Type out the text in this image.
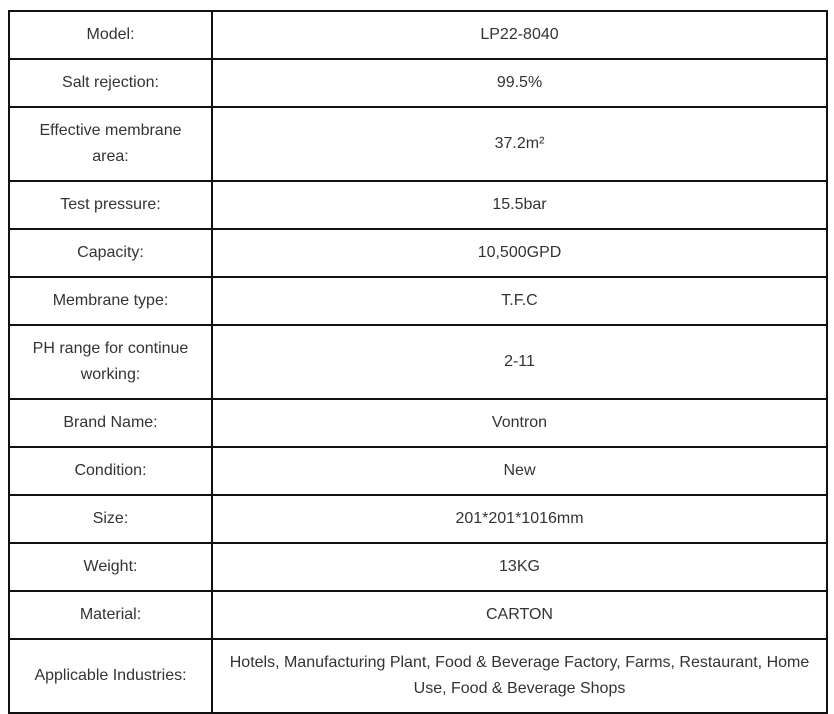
Model:	LP22-8040
Salt rejection:	99.5%
Effective membrane area:	37.2m²
Test pressure:	15.5bar
Capacity:	10,500GPD
Membrane type:	T.F.C
PH range for continue working:	2-11
Brand Name:	Vontron
Condition:	New
Size:	201*201*1016mm
Weight:	13KG
Material:	CARTON
Applicable Industries:	Hotels, Manufacturing Plant, Food & Beverage Factory, Farms, Restaurant, Home Use, Food & Beverage Shops
